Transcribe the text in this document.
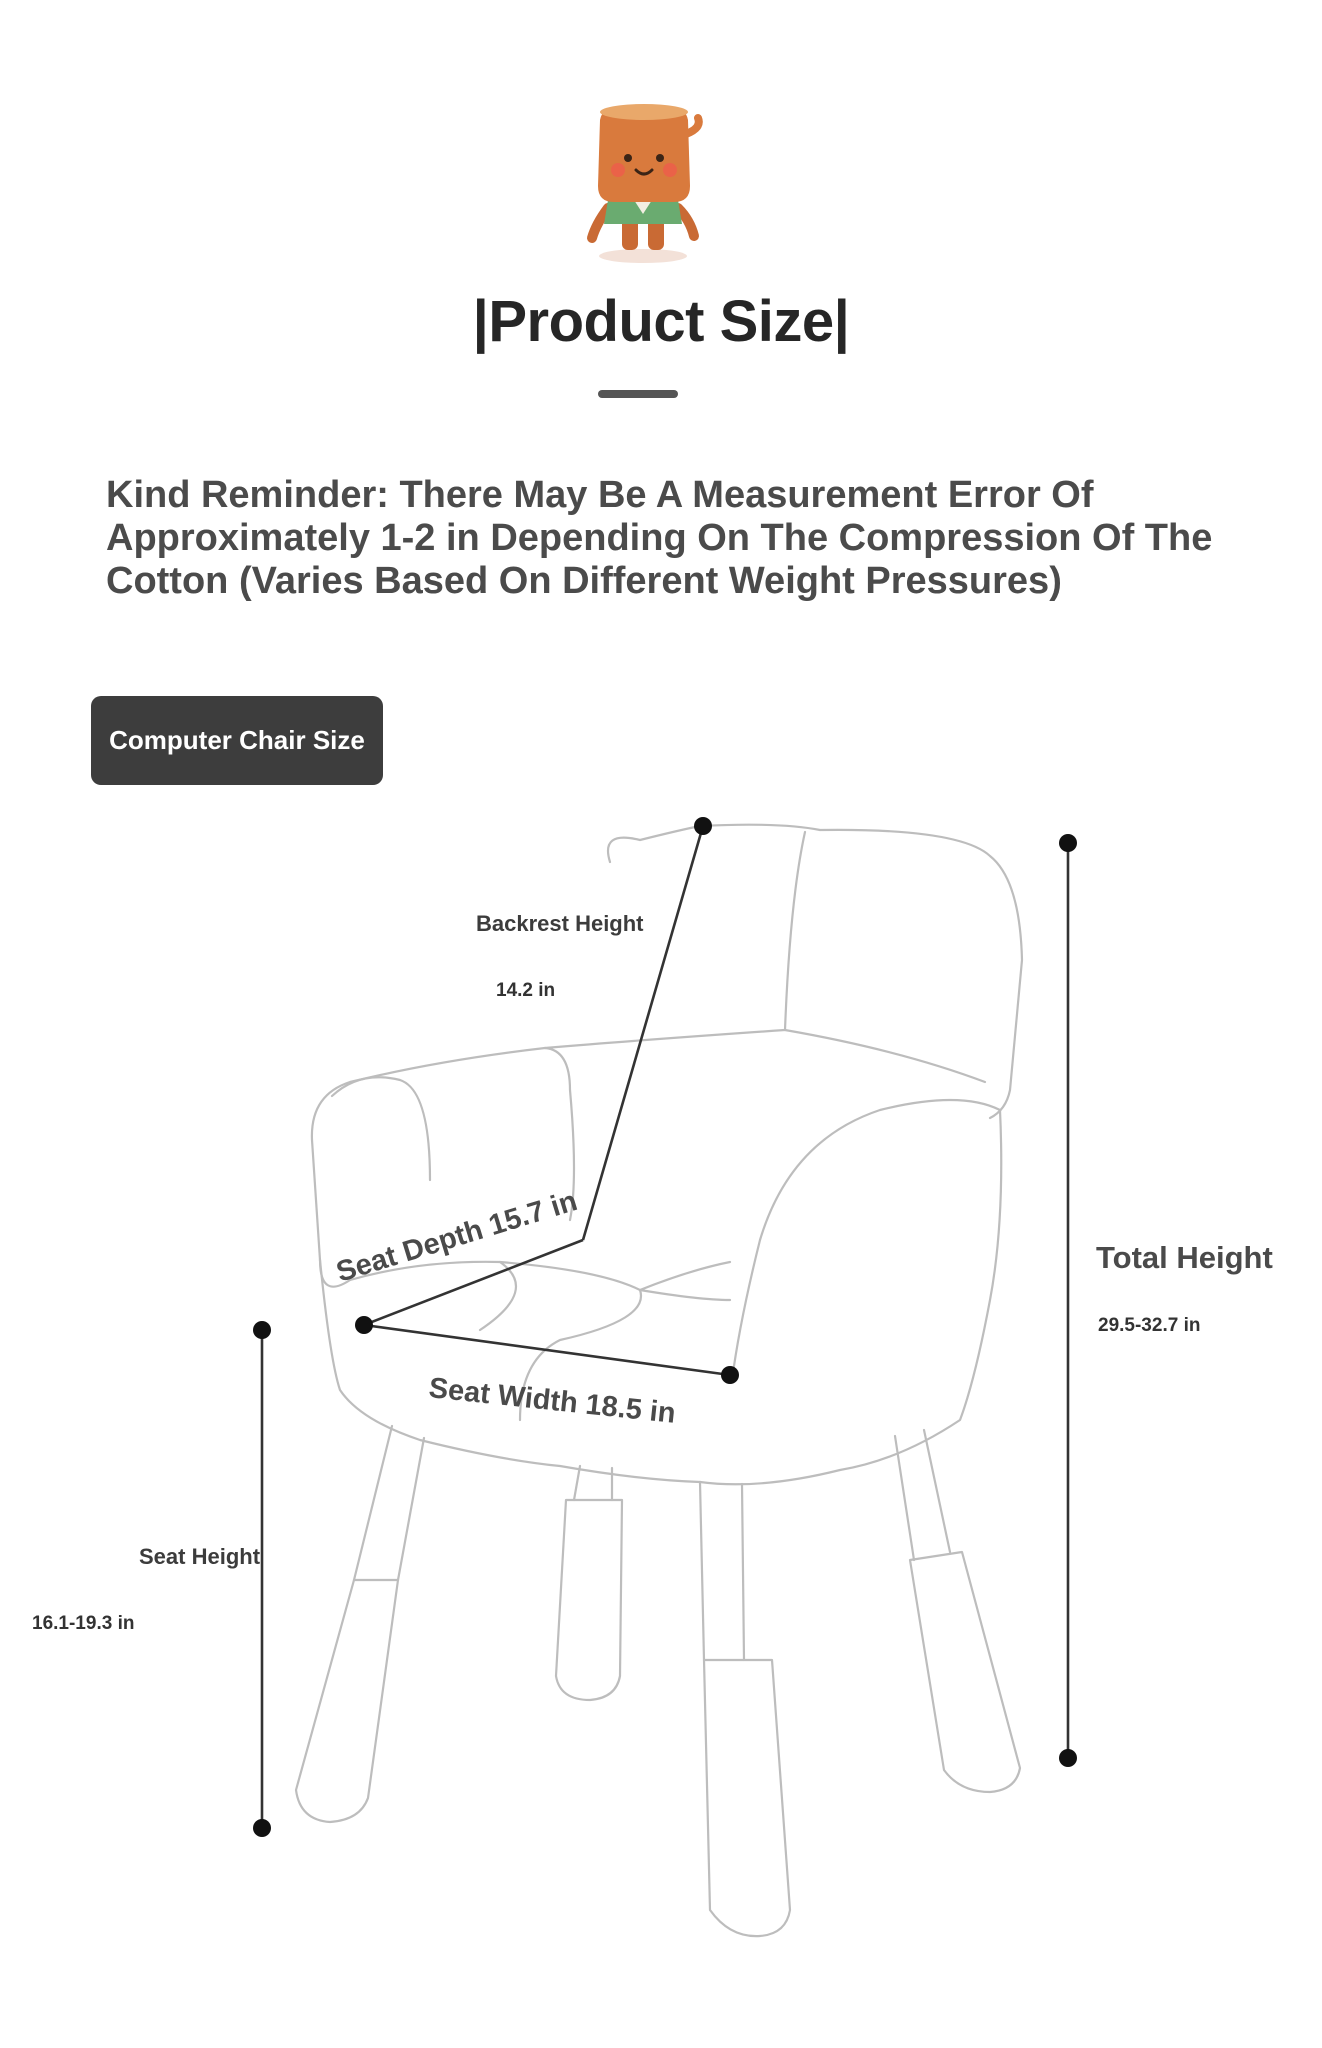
|Product Size|
Kind Reminder: There May Be A Measurement Error Of Approximately 1-2 in Depending On The Compression Of The Cotton (Varies Based On Different Weight Pressures)
Computer Chair Size
Seat Depth 15.7 in
Seat Width 18.5 in
Backrest Height
14.2 in
Total Height
29.5-32.7 in
Seat Height
16.1-19.3 in
